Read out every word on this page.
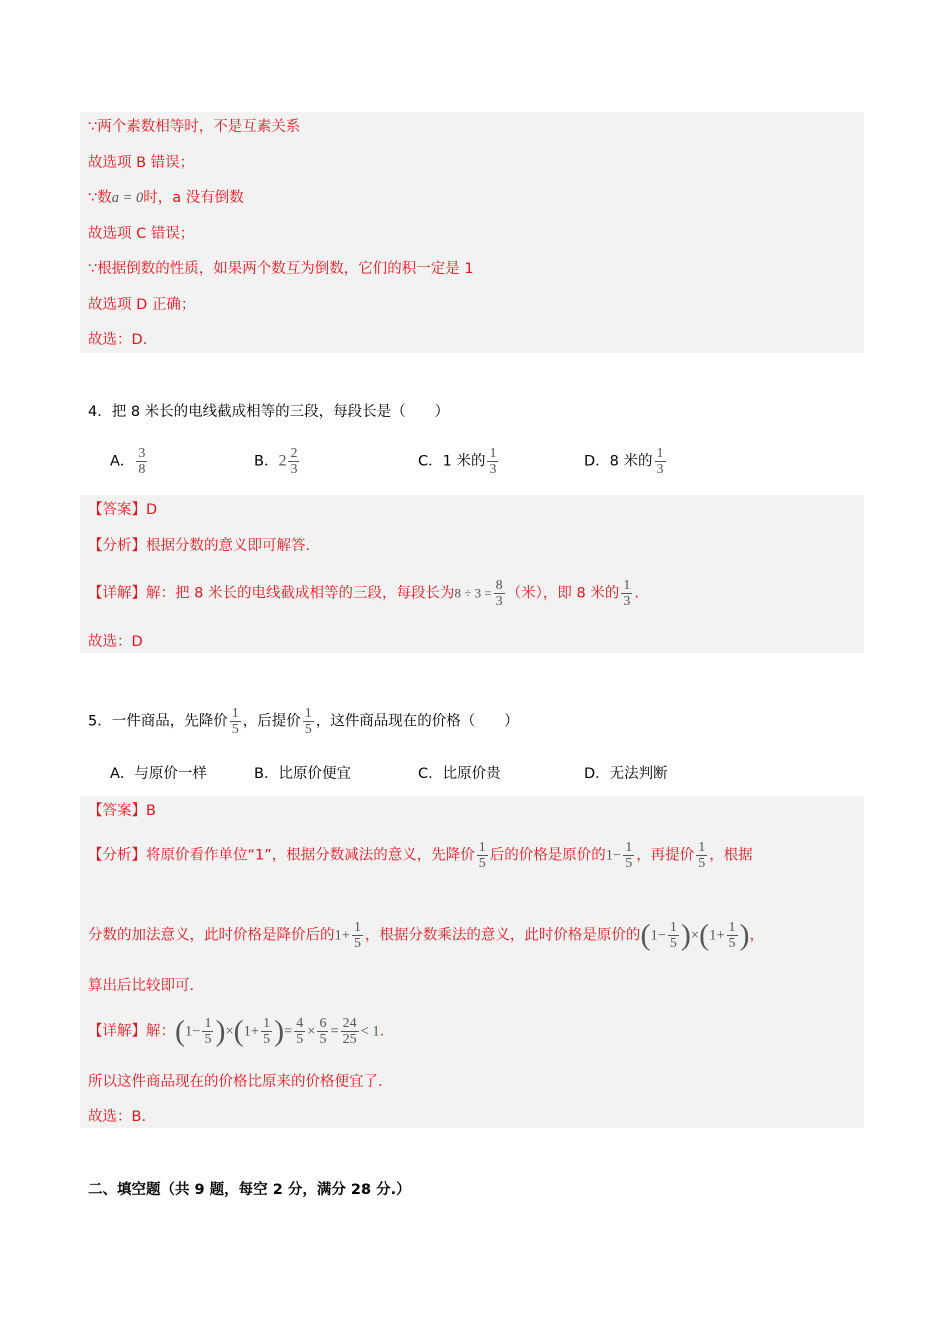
∵两个素数相等时，不是互素关系
故选项 B 错误；
∵数a = 0时，a 没有倒数
故选项 C 错误；
∵根据倒数的性质，如果两个数互为倒数，它们的积一定是 1
故选项 D 正确；
故选：D.
4．把 8 米长的电线截成相等的三段，每段长是（　　）
A． $\frac{3}{8}$	B．$2 \frac{2}{3}$	C．1 米的 $\frac{1}{3}$	D．8 米的 $\frac{1}{3}$
【答案】D
【分析】根据分数的意义即可解答.
【详解】解：把 8 米长的电线截成相等的三段，每段长为$8 \div 3 = \frac{8}{3}$ （米），即 8 米的 $\frac{1}{3}$ .
故选：D
5．一件商品，先降价 $\frac{1}{5}$ ，后提价 $\frac{1}{5}$ ，这件商品现在的价格（　　）
A．与原价一样	B．比原价便宜	C．比原价贵	D．无法判断
【答案】B
【分析】将原价看作单位“1”，根据分数减法的意义，先降价 $\frac{1}{5}$ 后的价格是原价的$1- \frac{1}{5}$ ，再提价 $\frac{1}{5}$ ，根据
分数的加法意义，此时价格是降价后的$1+ \frac{1}{5}$ ，根据分数乘法的意义，此时价格是原价的$(1- \frac{1}{5} )\times(1+ \frac{1}{5}$ )，
算出后比较即可.
【详解】解：$(1- \frac{1}{5} )\times(1+ \frac{1}{5}$ )= $\frac{4}{5} \times \frac{6}{5} = \frac{24}{25} < 1$.
所以这件商品现在的价格比原来的价格便宜了.
故选：B.
二、填空题（共 9 题，每空 2 分，满分 28 分.）
